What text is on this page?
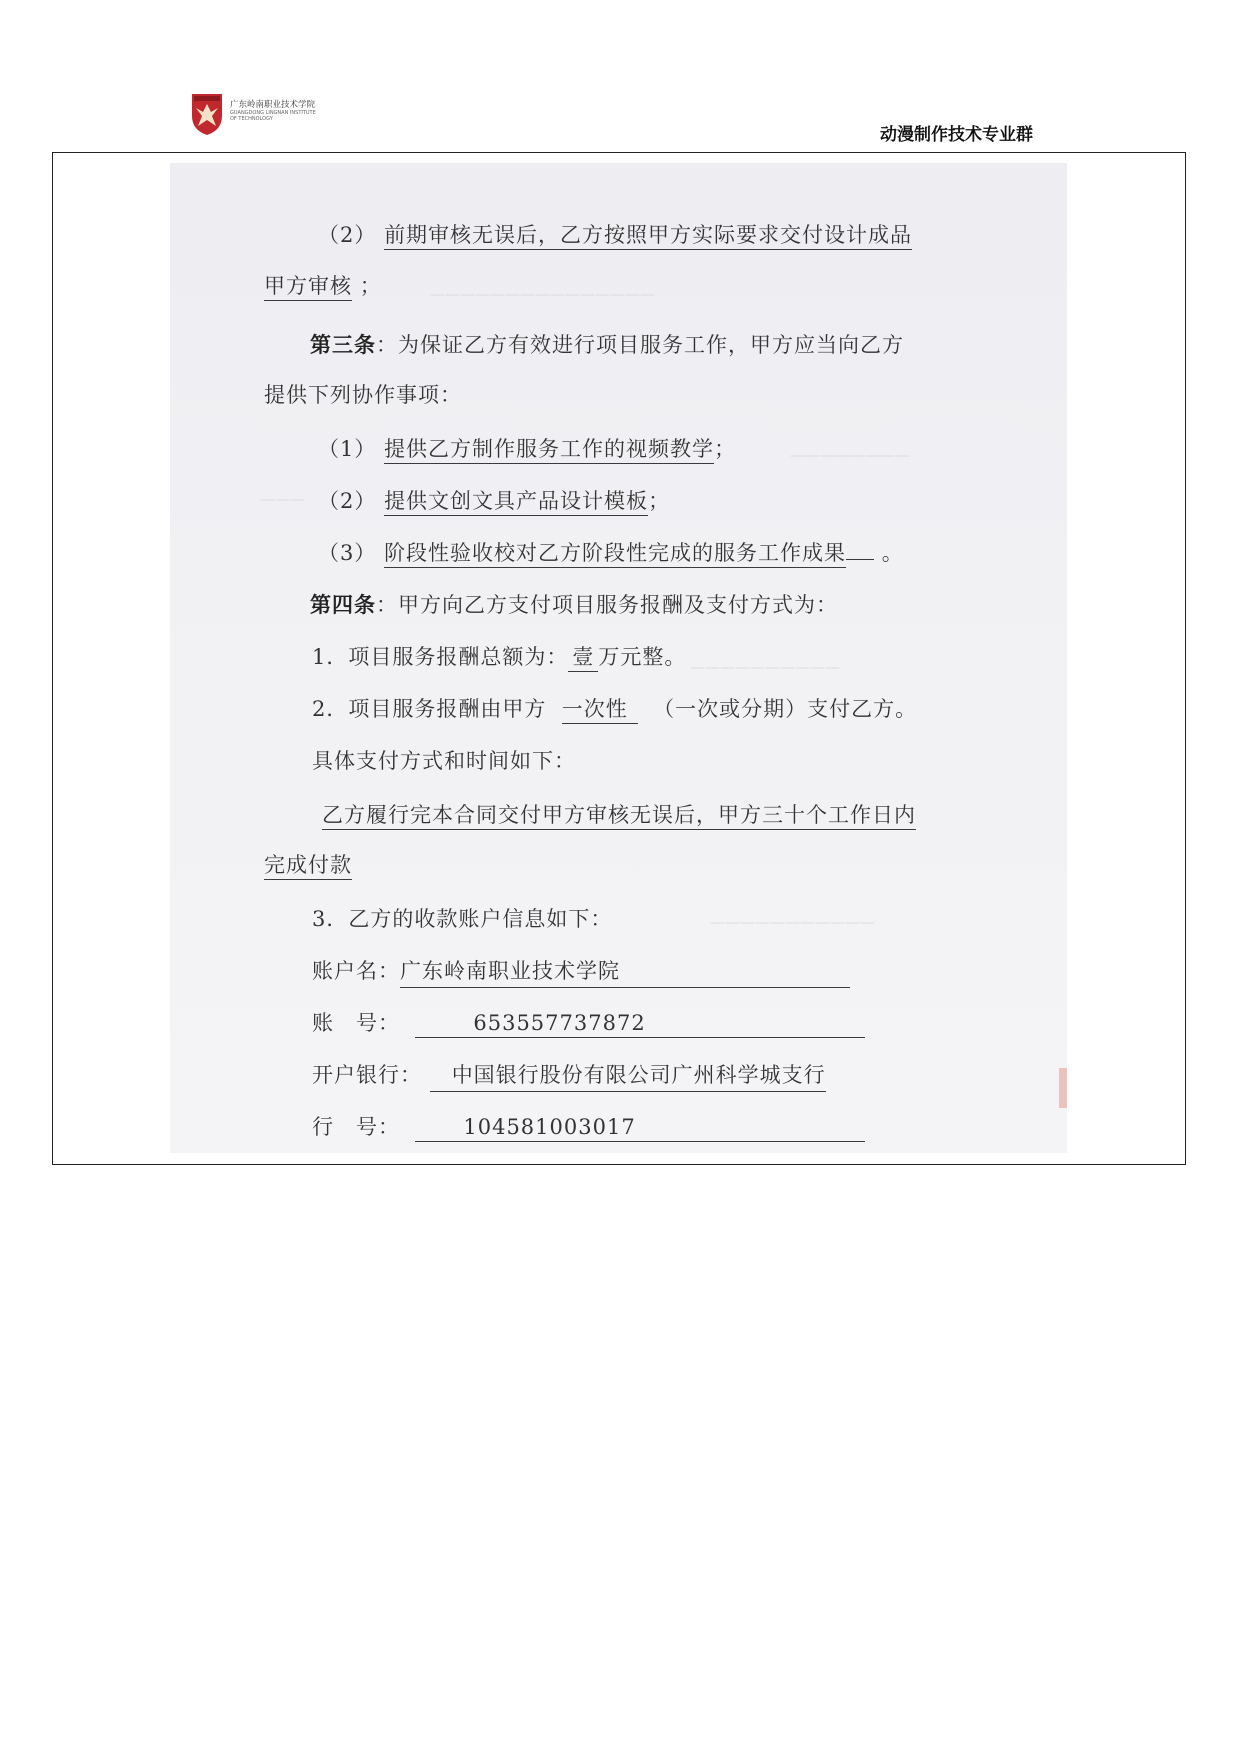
广东岭南职业技术学院
GUANGDONG LINGNAN INSTITUTE OF TECHNOLOGY
动漫制作技术专业群
———————————————
———
————————
——————————
———————————
（2） 前期审核无误后，乙方按照甲方实际要求交付设计成品
甲方审核 ；
第三条：为保证乙方有效进行项目服务工作，甲方应当向乙方
提供下列协作事项：
（1） 提供乙方制作服务工作的视频教学；
（2） 提供文创文具产品设计模板；
（3） 阶段性验收校对乙方阶段性完成的服务工作成果 。
第四条：甲方向乙方支付项目服务报酬及支付方式为：
1．项目服务报酬总额为： 壹 万元整。
2．项目服务报酬由甲方 一次性 （一次或分期）支付乙方。
具体支付方式和时间如下：
乙方履行完本合同交付甲方审核无误后，甲方三十个工作日内
完成付款
3．乙方的收款账户信息如下：
账户名：广东岭南职业技术学院
账　号：	653557737872
开户银行： 中国银行股份有限公司广州科学城支行
行　号：	104581003017
